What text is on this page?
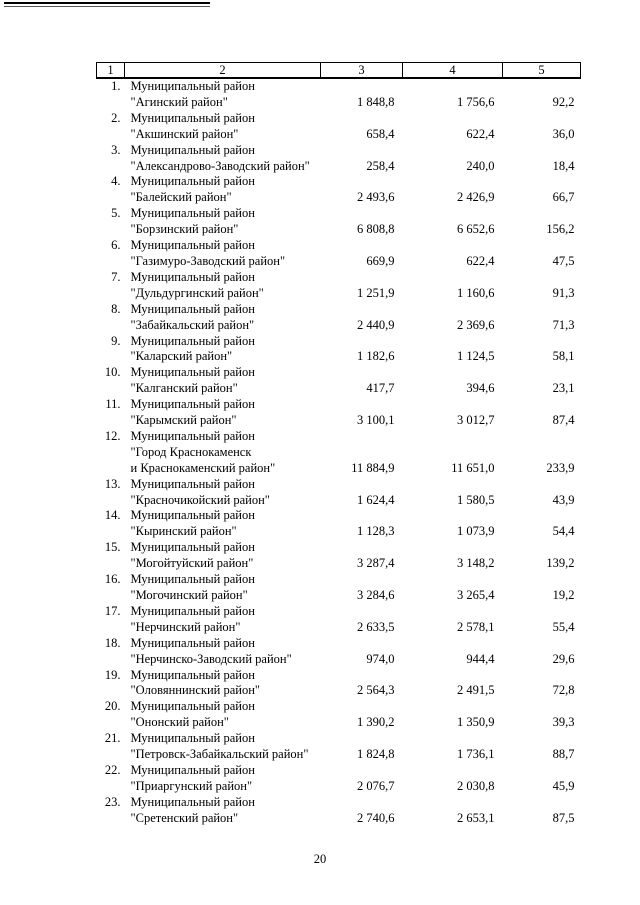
1	2	3	4	5
1.	Муниципальный район
"Агинский район"	1 848,8	1 756,6	92,2
2.	Муниципальный район
"Акшинский район"	658,4	622,4	36,0
3.	Муниципальный район
"Александрово-Заводский район"	258,4	240,0	18,4
4.	Муниципальный район
"Балейский район"	2 493,6	2 426,9	66,7
5.	Муниципальный район
"Борзинский район"	6 808,8	6 652,6	156,2
6.	Муниципальный район
"Газимуро-Заводский район"	669,9	622,4	47,5
7.	Муниципальный район
"Дульдургинский район"	1 251,9	1 160,6	91,3
8.	Муниципальный район
"Забайкальский район"	2 440,9	2 369,6	71,3
9.	Муниципальный район
"Каларский район"	1 182,6	1 124,5	58,1
10.	Муниципальный район
"Калганский район"	417,7	394,6	23,1
11.	Муниципальный район
"Карымский район"	3 100,1	3 012,7	87,4
12.	Муниципальный район
"Город Краснокаменск
и Краснокаменский район"	11 884,9	11 651,0	233,9
13.	Муниципальный район
"Красночикойский район"	1 624,4	1 580,5	43,9
14.	Муниципальный район
"Кыринский район"	1 128,3	1 073,9	54,4
15.	Муниципальный район
"Могойтуйский район"	3 287,4	3 148,2	139,2
16.	Муниципальный район
"Могочинский район"	3 284,6	3 265,4	19,2
17.	Муниципальный район
"Нерчинский район"	2 633,5	2 578,1	55,4
18.	Муниципальный район
"Нерчинско-Заводский район"	974,0	944,4	29,6
19.	Муниципальный район
"Оловяннинский район"	2 564,3	2 491,5	72,8
20.	Муниципальный район
"Ононский район"	1 390,2	1 350,9	39,3
21.	Муниципальный район
"Петровск-Забайкальский район"	1 824,8	1 736,1	88,7
22.	Муниципальный район
"Приаргунский район"	2 076,7	2 030,8	45,9
23.	Муниципальный район
"Сретенский район"	2 740,6	2 653,1	87,5
20
